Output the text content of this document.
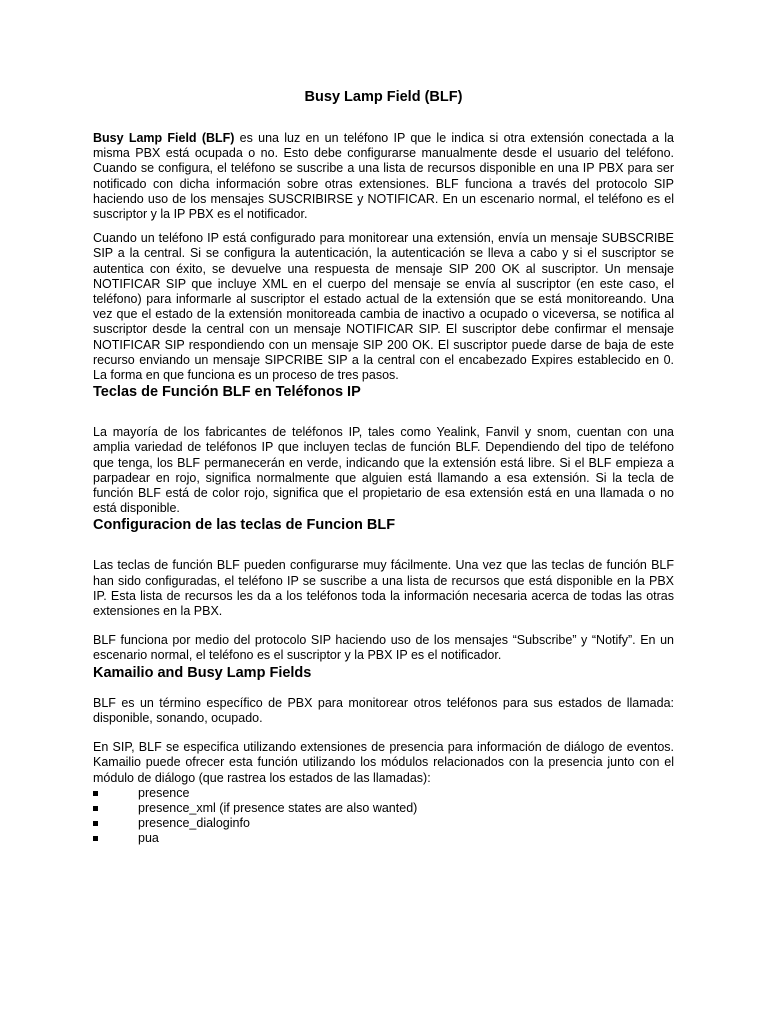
Busy Lamp Field (BLF)

Busy Lamp Field (BLF) es una luz en un teléfono IP que le indica si otra extensión conectada a la misma PBX está ocupada o no. Esto debe configurarse manualmente desde el usuario del teléfono. Cuando se configura, el teléfono se suscribe a una lista de recursos disponible en una IP PBX para ser notificado con dicha información sobre otras extensiones. BLF funciona a través del protocolo SIP haciendo uso de los mensajes SUSCRIBIRSE y NOTIFICAR. En un escenario normal, el teléfono es el suscriptor y la IP PBX es el notificador.

Cuando un teléfono IP está configurado para monitorear una extensión, envía un mensaje SUBSCRIBE SIP a la central. Si se configura la autenticación, la autenticación se lleva a cabo y si el suscriptor se autentica con éxito, se devuelve una respuesta de mensaje SIP 200 OK al suscriptor. Un mensaje NOTIFICAR SIP que incluye XML en el cuerpo del mensaje se envía al suscriptor (en este caso, el teléfono) para informarle al suscriptor el estado actual de la extensión que se está monitoreando. Una vez que el estado de la extensión monitoreada cambia de inactivo a ocupado o viceversa, se notifica al suscriptor desde la central con un mensaje NOTIFICAR SIP. El suscriptor debe confirmar el mensaje NOTIFICAR SIP respondiendo con un mensaje SIP 200 OK. El suscriptor puede darse de baja de este recurso enviando un mensaje SIPCRIBE SIP a la central con el encabezado Expires establecido en 0. La forma en que funciona es un proceso de tres pasos.

Teclas de Función BLF en Teléfonos IP

La mayoría de los fabricantes de teléfonos IP, tales como Yealink, Fanvil y snom, cuentan con una amplia variedad de teléfonos IP que incluyen teclas de función BLF. Dependiendo del tipo de teléfono que tenga, los BLF permanecerán en verde, indicando que la extensión está libre. Si el BLF empieza a parpadear en rojo, significa normalmente que alguien está llamando a esa extensión. Si la tecla de función BLF está de color rojo, significa que el propietario de esa extensión está en una llamada o no está disponible.

Configuracion de las teclas de Funcion BLF

Las teclas de función BLF pueden configurarse muy fácilmente. Una vez que las teclas de función BLF han sido configuradas, el teléfono IP se suscribe a una lista de recursos que está disponible en la PBX IP. Esta lista de recursos les da a los teléfonos toda la información necesaria acerca de todas las otras extensiones en la PBX.

BLF funciona por medio del protocolo SIP haciendo uso de los mensajes “Subscribe” y “Notify”. En un escenario normal, el teléfono es el suscriptor y la PBX IP es el notificador.

Kamailio and Busy Lamp Fields

BLF es un término específico de PBX para monitorear otros teléfonos para sus estados de llamada: disponible, sonando, ocupado.

En SIP, BLF se especifica utilizando extensiones de presencia para información de diálogo de eventos. Kamailio puede ofrecer esta función utilizando los módulos relacionados con la presencia junto con el módulo de diálogo (que rastrea los estados de las llamadas):

presence
presence_xml (if presence states are also wanted)
presence_dialoginfo
pua
